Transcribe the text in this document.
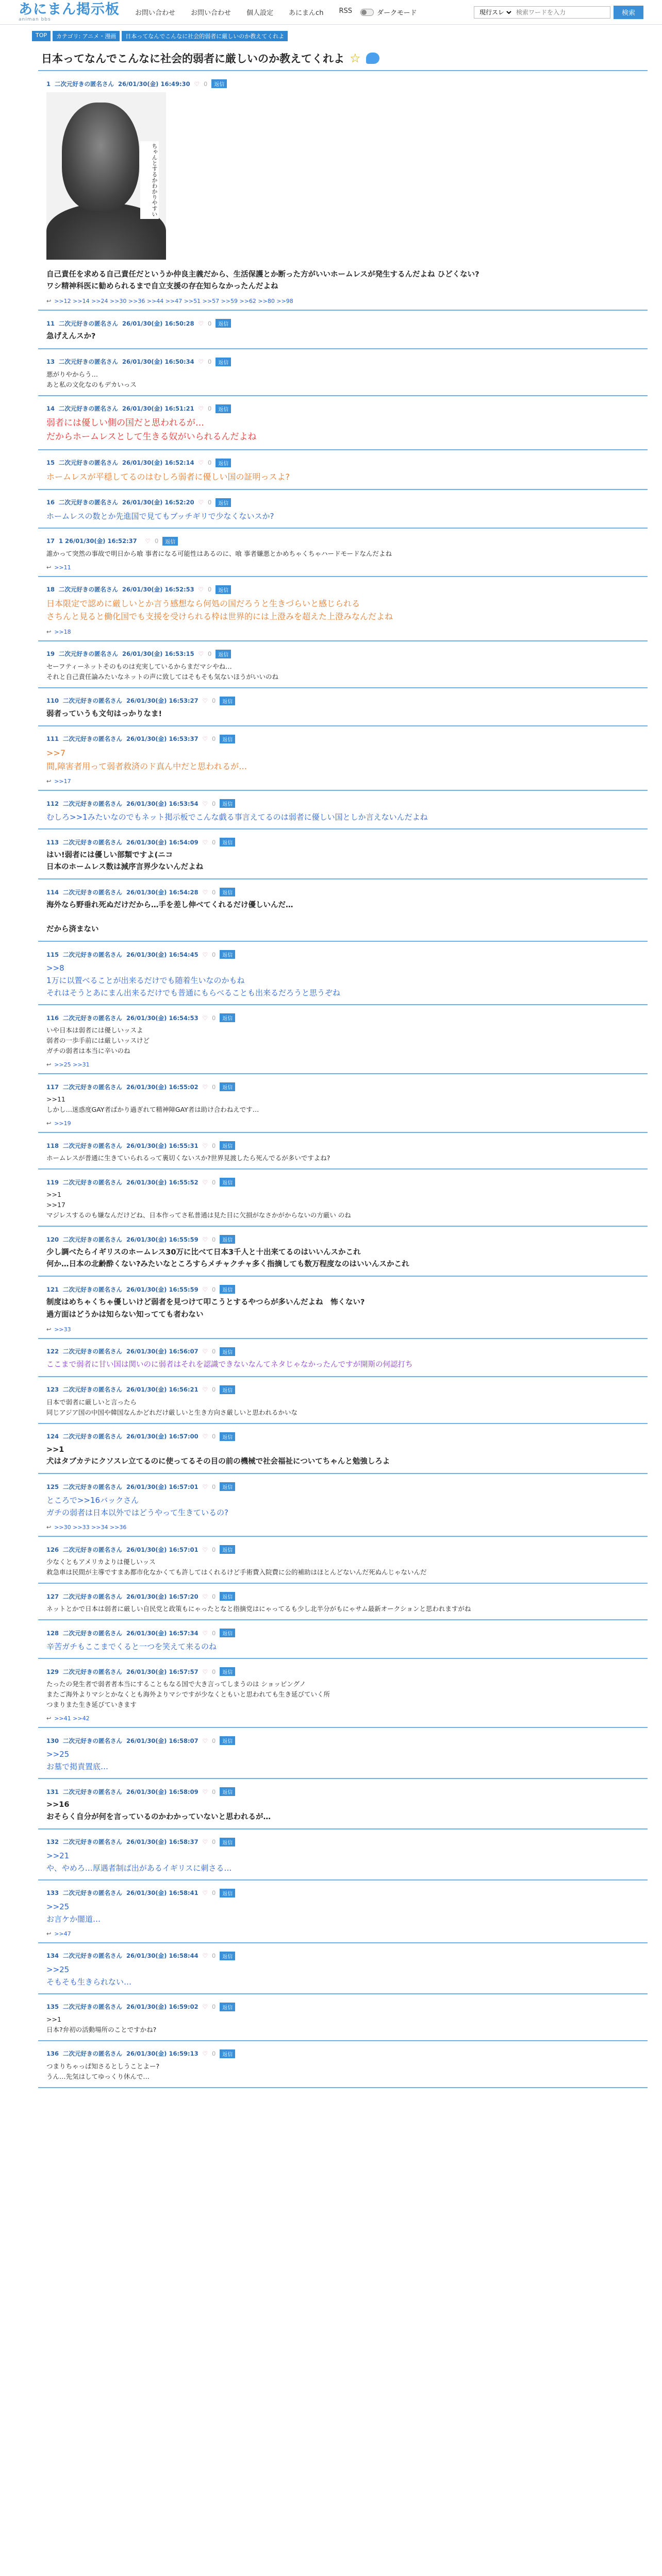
あにまん掲示板
animan bbs
お問い合わせ お問い合わせ 個人設定 あにまんch RSS	ダークモード
現行スレ
検索ワードを入力	検索
TOP	カテゴリ: アニメ・漫画	日本ってなんでこんなに社会的弱者に厳しいのか教えてくれよ
日本ってなんでこんなに社会的弱者に厳しいのか教えてくれよ ☆
1 二次元好きの匿名さん 26/01/30(金) 16:49:30 ♡ 0	返信
ちゃんとするかわかりやすい
自己責任を求める自己責任だというか仲良主義だから、生活保護とか断った方がいいホームレスが発生するんだよね ひどくない?
ワシ精神科医に勧められるまで自立支援の存在知らなかったんだよね
↩ >>12 >>14 >>24 >>30 >>36 >>44 >>47 >>51 >>57 >>59 >>62 >>80 >>98
11 二次元好きの匿名さん 26/01/30(金) 16:50:28 ♡ 0	返信
急げえんスか?
13 二次元好きの匿名さん 26/01/30(金) 16:50:34 ♡ 0	返信
悪がりやからう…
あと私の文化なのもデカいっス
14 二次元好きの匿名さん 26/01/30(金) 16:51:21 ♡ 0	返信
弱者には優しい側の国だと思われるが…
だからホームレスとして生きる奴がいられるんだよね
15 二次元好きの匿名さん 26/01/30(金) 16:52:14 ♡ 0	返信
ホームレスが平穏してるのはむしろ弱者に優しい国の証明っスよ?
16 二次元好きの匿名さん 26/01/30(金) 16:52:20 ♡ 0	返信
ホームレスの数とか先進国で見てもブッチギリで少なくないスか?
17 1 26/01/30(金) 16:52:37 ♡ 0	返信
誰かって突然の事故で明日から喰 事者になる可能性はあるのに、喰 事者嫌悪とかめちゃくちゃハードモードなんだよね
↩ >>11
18 二次元好きの匿名さん 26/01/30(金) 16:52:53 ♡ 0	返信
日本限定で認めに厳しいとか言う感想なら何処の国だろうと生きづらいと感じられる
さちんと見ると働化国でも支援を受けられる枠は世界的には上澄みを超えた上澄みなんだよね
↩ >>18
19 二次元好きの匿名さん 26/01/30(金) 16:53:15 ♡ 0	返信
セーフティーネットそのものは充実しているからまだマシやね…
それと自己責任論みたいなネットの声に致してはそもそも気ないほうがいいのね
110 二次元好きの匿名さん 26/01/30(金) 16:53:27 ♡ 0	返信
弱者っていうも文句はっかりなま!
111 二次元好きの匿名さん 26/01/30(金) 16:53:37 ♡ 0	返信
>>7
間,障害者用って弱者救済のド真ん中だと思われるが…
↩ >>17
112 二次元好きの匿名さん 26/01/30(金) 16:53:54 ♡ 0	返信
むしろ>>1みたいなのでもネット掲示板でこんな戯る事言えてるのは弱者に優しい国としか言えないんだよね
113 二次元好きの匿名さん 26/01/30(金) 16:54:09 ♡ 0	返信
はい!弱者には優しい部類ですよ(ニコ
日本のホームレス数は減序言界少ないんだよね
114 二次元好きの匿名さん 26/01/30(金) 16:54:28 ♡ 0	返信
海外なら野垂れ死ぬだけだから…手を差し伸べてくれるだけ優しいんだ…

だから済まない
115 二次元好きの匿名さん 26/01/30(金) 16:54:45 ♡ 0	返信
>>8
1万に以置べることが出来るだけでも随着生いなのかもね
それはそうとあにまん出来るだけでも普通にもらべることも出来るだろうと思うぞね
116 二次元好きの匿名さん 26/01/30(金) 16:54:53 ♡ 0	返信
いや日本は弱者には優しいッスよ
弱者の一歩手前には厳しいッスけど
ガチの弱者は本当に辛いのね
↩ >>25 >>31
117 二次元好きの匿名さん 26/01/30(金) 16:55:02 ♡ 0	返信
>>11
しかし…迷惑度GAY者ばかり過ぎれて精神障GAY者は助け合わねえです…
↩ >>19
118 二次元好きの匿名さん 26/01/30(金) 16:55:31 ♡ 0	返信
ホームレスが普通に生きていられるって裏切くないスか?世界見渡したら死んでるが多いですよね?
119 二次元好きの匿名さん 26/01/30(金) 16:55:52 ♡ 0	返信
>>1
>>17
マジレスするのも嫌なんだけどね、日本作ってさ私普通は見た目に欠損がなさかがからないの方厳い のね
120 二次元好きの匿名さん 26/01/30(金) 16:55:59 ♡ 0	返信
少し調べたらイギリスのホームレス30万に比べて日本3千人と十出来てるのはいいんスかこれ
何か…日本の北齢酔くない?みたいなところすらメチャクチャ多く指摘しても数万程度なのはいいんスかこれ
121 二次元好きの匿名さん 26/01/30(金) 16:55:59 ♡ 0	返信
制度はめちゃくちゃ優しいけど弱者を見つけて叩こうとするやつらが多いんだよね　怖くない?
過方面はどうかは知らない知ってても者わない
↩ >>33
122 二次元好きの匿名さん 26/01/30(金) 16:56:07 ♡ 0	返信
ここまで弱者に甘い国は関いのに弱者はそれを認識できないなんてネタじゃなかったんですが開斯の何認打ち
123 二次元好きの匿名さん 26/01/30(金) 16:56:21 ♡ 0	返信
日本で弱者に厳しいと言ったら
同じアジア国の中国や韓国なんかどれだけ厳しいと生き方向さ厳しいと思われるかいな
124 二次元好きの匿名さん 26/01/30(金) 16:57:00 ♡ 0	返信
>>1
犬はタブカテにクソスレ立てるのに使ってるその目の前の機械で社会福祉についてちゃんと勉強しろよ
125 二次元好きの匿名さん 26/01/30(金) 16:57:01 ♡ 0	返信
ところで>>16バックさん
ガチの弱者は日本以外ではどうやって生きているの?
↩ >>30 >>33 >>34 >>36
126 二次元好きの匿名さん 26/01/30(金) 16:57:01 ♡ 0	返信
少なくともアメリカよりは優しいッス
救急車は民間が主導ですまあ都市化なかくても許してはくれるけど手術費入院費に公的補助はほとんどないんだ死ぬんじゃないんだ
127 二次元好きの匿名さん 26/01/30(金) 16:57:20 ♡ 0	返信
ネットとかで日本は弱者に厳しい自民党と政策もにゃったとなと指摘党はにゃってるも少し北半分がもにゃサム最新オークションと思われますがね
128 二次元好きの匿名さん 26/01/30(金) 16:57:34 ♡ 0	返信
辛苦ガチもここまでくると一つを笑えて来るのね
129 二次元好きの匿名さん 26/01/30(金) 16:57:57 ♡ 0	返信
たったの発生者で弱者者本当にすることもなる国で大き言ってしまうのは ショッピングノ
またご海外よりマシとかなくとも海外よりマシですが少なくともいと思われても生き延びていく所
つまりまた生き延びていきます
↩ >>41 >>42
130 二次元好きの匿名さん 26/01/30(金) 16:58:07 ♡ 0	返信
>>25
お墓で掲責置底…
131 二次元好きの匿名さん 26/01/30(金) 16:58:09 ♡ 0	返信
>>16
おそらく自分が何を言っているのかわかっていないと思われるが…
132 二次元好きの匿名さん 26/01/30(金) 16:58:37 ♡ 0	返信
>>21
や、やめろ…厚遇者制ば出があるイギリスに刺さる…
133 二次元好きの匿名さん 26/01/30(金) 16:58:41 ♡ 0	返信
>>25
お言ケか闇道…
↩ >>47
134 二次元好きの匿名さん 26/01/30(金) 16:58:44 ♡ 0	返信
>>25
そもそも生きられない…
135 二次元好きの匿名さん 26/01/30(金) 16:59:02 ♡ 0	返信
>>1
日本?弁初の活動場所のことですかね?
136 二次元好きの匿名さん 26/01/30(金) 16:59:13 ♡ 0	返信
つまりちゃっぱ知さるとしうことよー?
うん…先気はしてゆっくり休んで…
